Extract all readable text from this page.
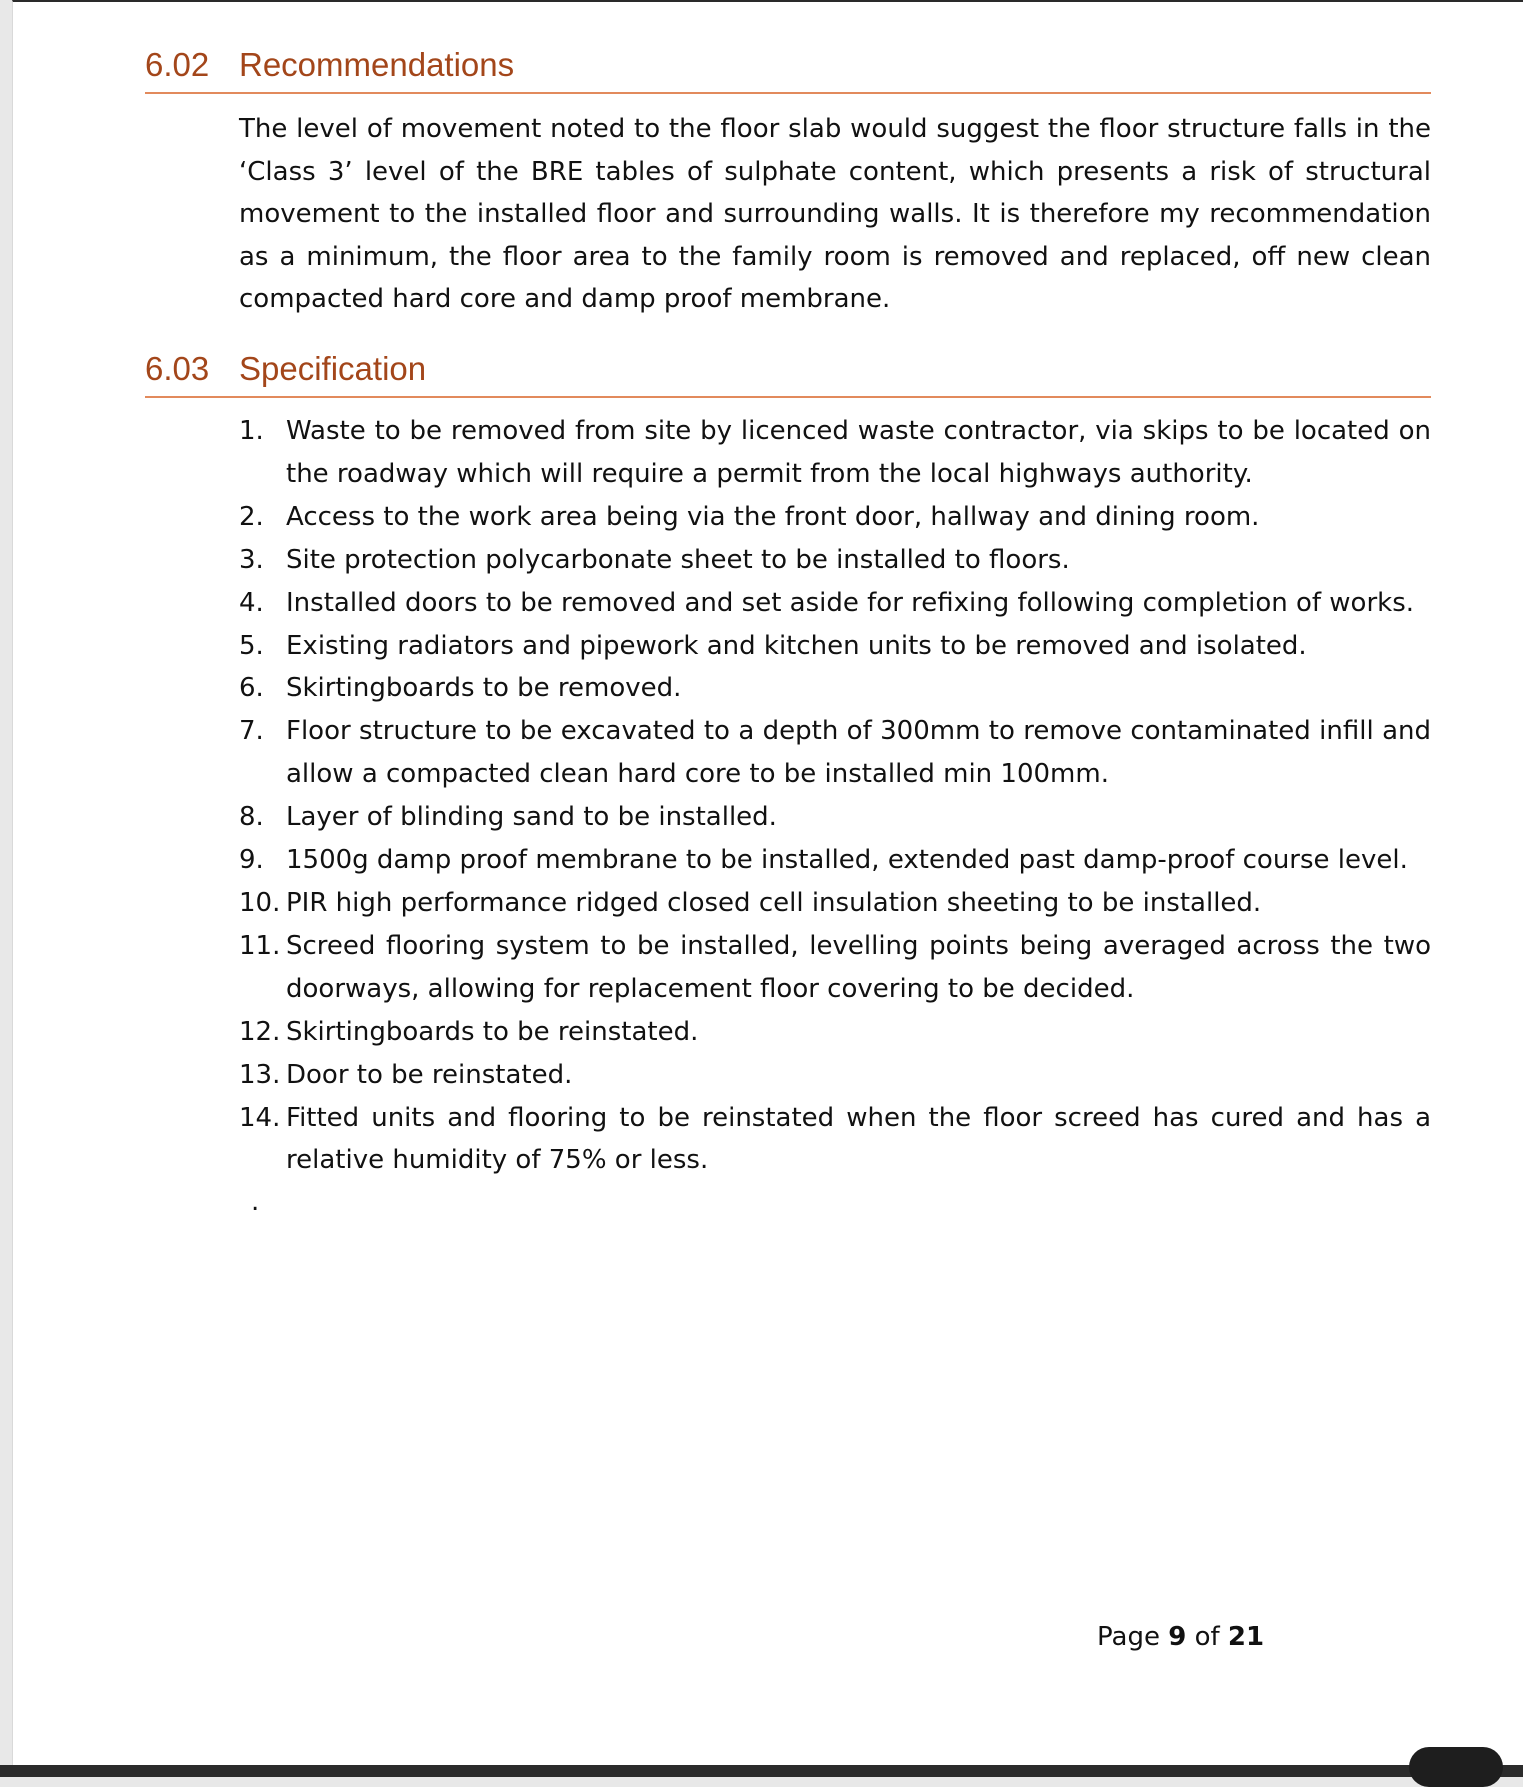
6.02 Recommendations

The level of movement noted to the floor slab would suggest the floor structure falls in the ‘Class 3’ level of the BRE tables of sulphate content, which presents a risk of structural movement to the installed floor and surrounding walls. It is therefore my recommendation as a minimum, the floor area to the family room is removed and replaced, off new clean compacted hard core and damp proof membrane.

6.03 Specification
1. Waste to be removed from site by licenced waste contractor, via skips to be located on the roadway which will require a permit from the local highways authority.
2. Access to the work area being via the front door, hallway and dining room.
3. Site protection polycarbonate sheet to be installed to floors.
4. Installed doors to be removed and set aside for refixing following completion of works.
5. Existing radiators and pipework and kitchen units to be removed and isolated.
6. Skirtingboards to be removed.
7. Floor structure to be excavated to a depth of 300mm to remove contaminated infill and allow a compacted clean hard core to be installed min 100mm.
8. Layer of blinding sand to be installed.
9. 1500g damp proof membrane to be installed, extended past damp-proof course level.
10. PIR high performance ridged closed cell insulation sheeting to be installed.
11. Screed flooring system to be installed, levelling points being averaged across the two doorways, allowing for replacement floor covering to be decided.
12. Skirtingboards to be reinstated.
13. Door to be reinstated.
14. Fitted units and flooring to be reinstated when the floor screed has cured and has a relative humidity of 75% or less.
.
Page 9 of 21
